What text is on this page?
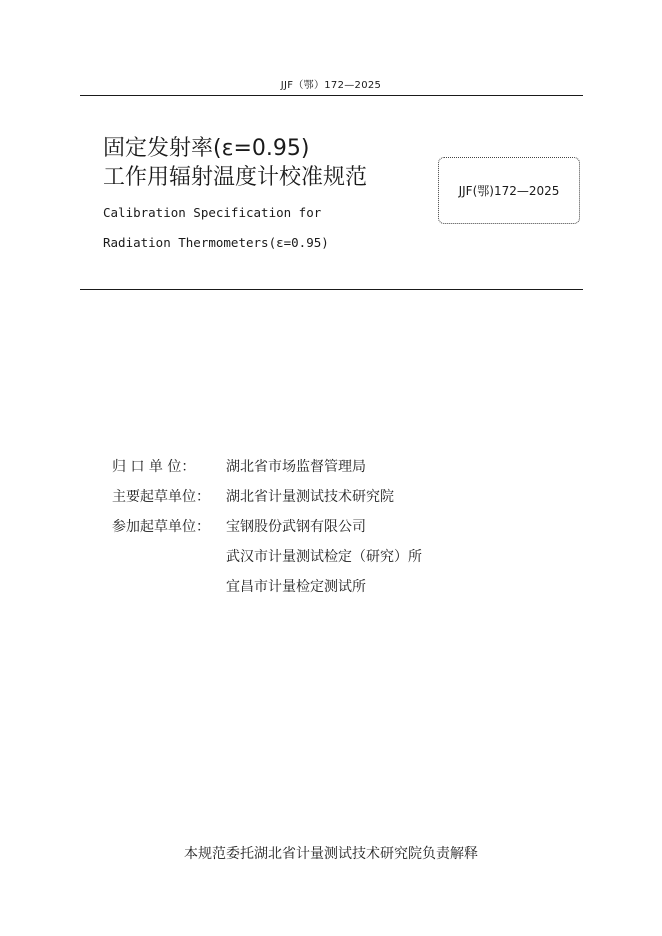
JJF（鄂）172—2025
固定发射率(ε=0.95)
工作用辐射温度计校准规范
Calibration Specification for
Radiation Thermometers(ε=0.95)
JJF(鄂)172—2025
归 口 单 位： 湖北省市场监督管理局
主要起草单位： 湖北省计量测试技术研究院
参加起草单位： 宝钢股份武钢有限公司
武汉市计量测试检定（研究）所
宜昌市计量检定测试所
本规范委托湖北省计量测试技术研究院负责解释
